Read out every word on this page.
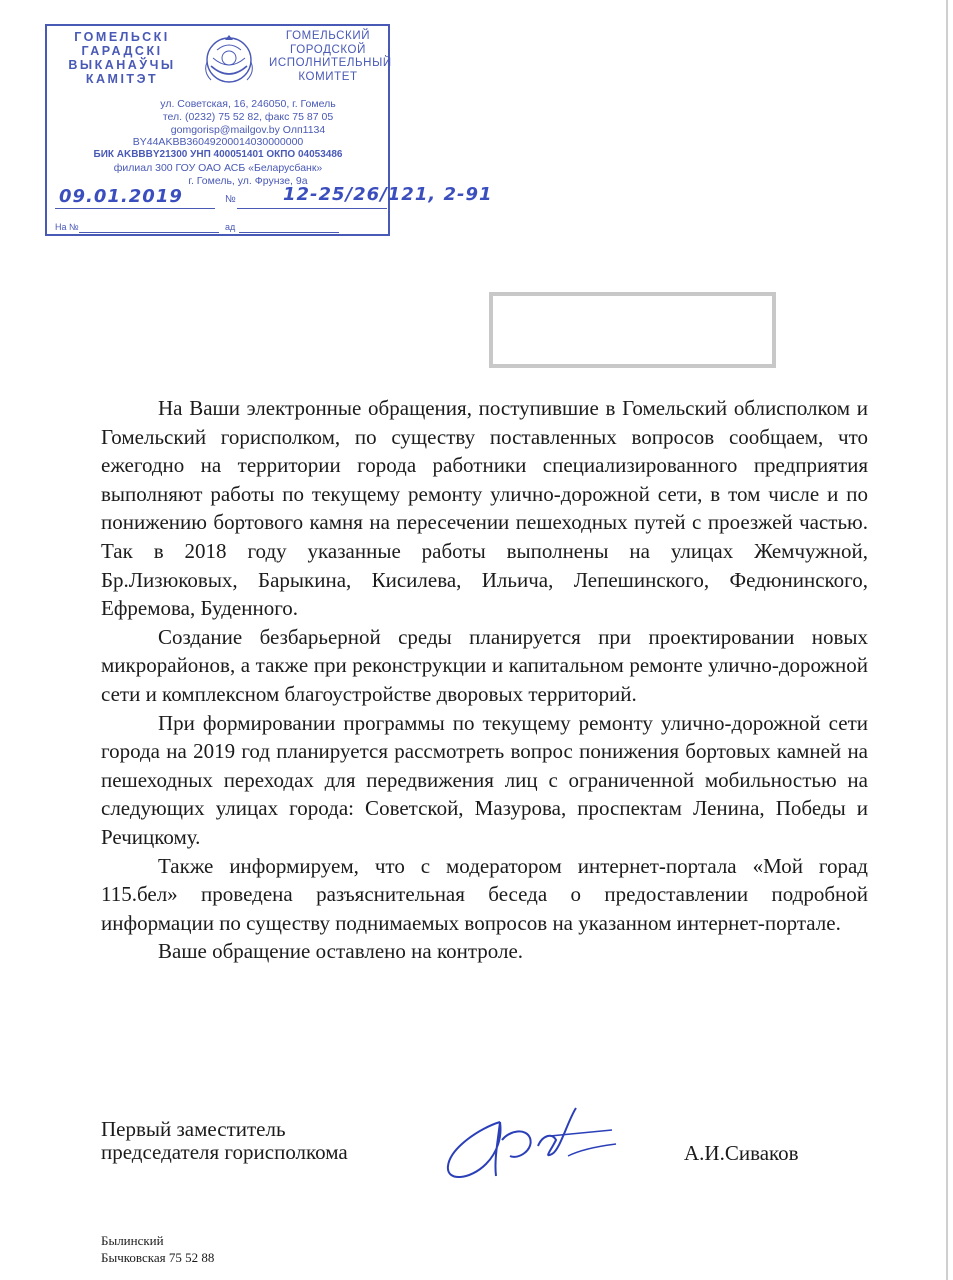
ГОМЕЛЬСКІ
ГАРАДСКІ
ВЫКАНАЎЧЫ
КАМІТЭТ
ГОМЕЛЬСКИЙ
ГОРОДСКОЙ
ИСПОЛНИТЕЛЬНЫЙ
КОМИТЕТ
ул. Советская, 16, 246050, г. Гомель
тел. (0232) 75 52 82, факс 75 87 05
gomgorisp@mailgov.by Олп1134
BY44AKBB36049200014030000000
БИК AKBBBY21300 УНП 400051401 ОКПО 04053486
филиал 300 ГОУ ОАО АСБ «Беларусбанк»
г. Гомель, ул. Фрунзе, 9а
09.01.2019	№	12-25/26/121, 2-91
На №	ад

На Ваши электронные обращения, поступившие в Гомельский облисполком и Гомельский горисполком, по существу поставленных вопросов сообщаем, что ежегодно на территории города работники специализированного предприятия выполняют работы по текущему ремонту улично-дорожной сети, в том числе и по понижению бортового камня на пересечении пешеходных путей с проезжей частью. Так в 2018 году указанные работы выполнены на улицах Жемчужной, Бр.Лизюковых, Барыкина, Кисилева, Ильича, Лепешинского, Федюнинского, Ефремова, Буденного.

Создание безбарьерной среды планируется при проектировании новых микрорайонов, а также при реконструкции и капитальном ремонте улично-дорожной сети и комплексном благоустройстве дворовых территорий.

При формировании программы по текущему ремонту улично-дорожной сети города на 2019 год планируется рассмотреть вопрос понижения бортовых камней на пешеходных переходах для передвижения лиц с ограниченной мобильностью на следующих улицах города: Советской, Мазурова, проспектам Ленина, Победы и Речицкому.

Также информируем, что с модератором интернет-портала «Мой горад 115.бел» проведена разъяснительная беседа о предоставлении подробной информации по существу поднимаемых вопросов на указанном интернет-портале.

Ваше обращение оставлено на контроле.

Первый заместитель
председателя горисполкома	А.И.Сиваков
Былинский
Бычковская 75 52 88
